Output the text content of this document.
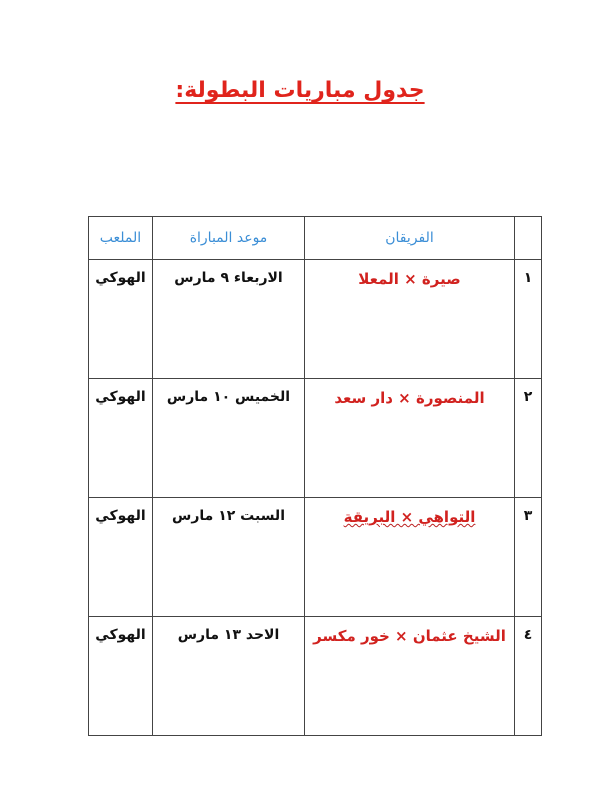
جدول مباريات البطولة:
	الفريقان	موعد المباراة	الملعب
١	صيرة × المعلا	الاربعاء ٩ مارس	الهوكي
٢	المنصورة × دار سعد	الخميس ١٠ مارس	الهوكي
٣	التواهي × البريقة	السبت ١٢ مارس	الهوكي
٤	الشيخ عثمان × خور مكسر	الاحد ١٣ مارس	الهوكي
